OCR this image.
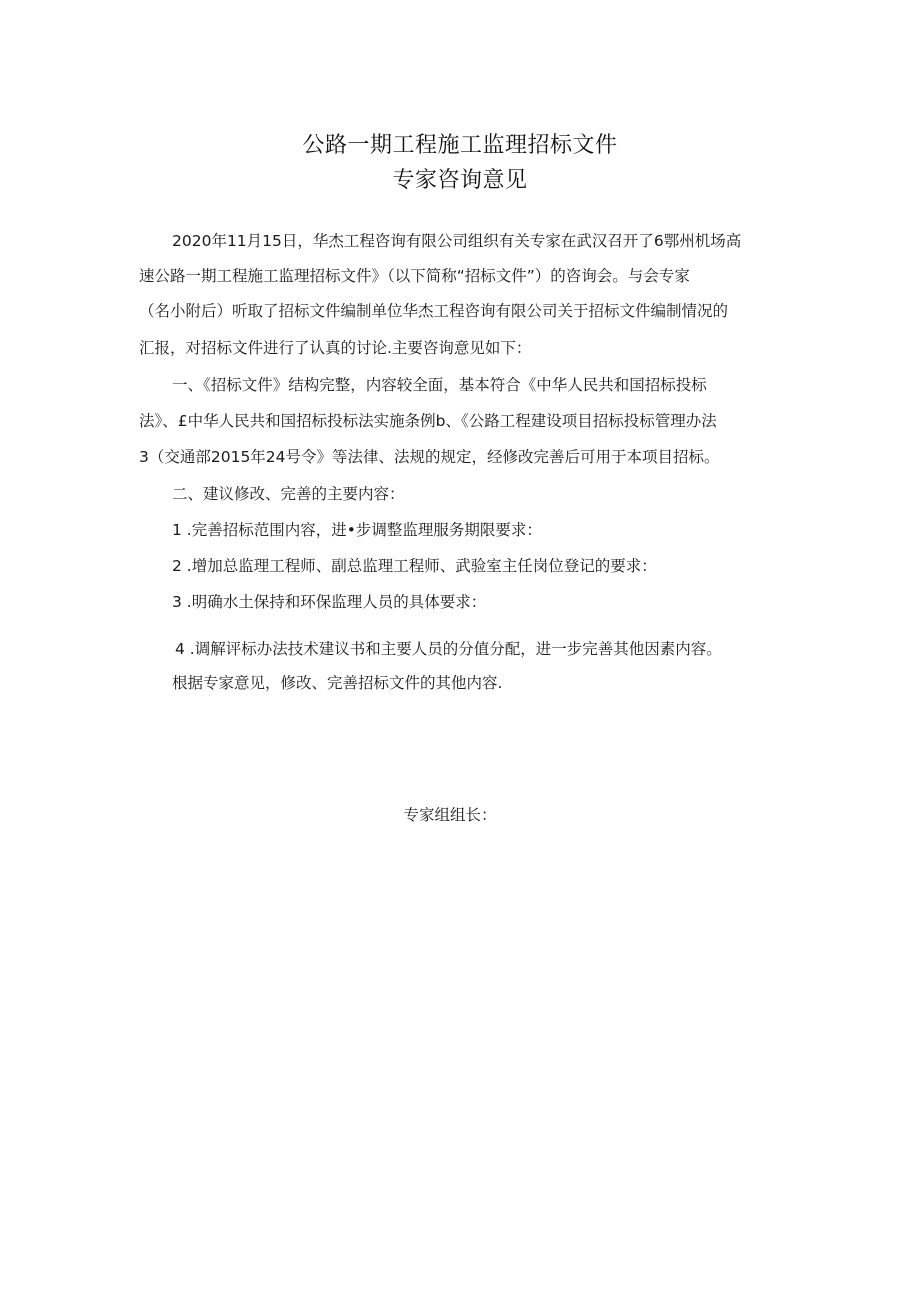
公路一期工程施工监理招标文件
专家咨询意见
2020年11月15日，华杰工程咨询有限公司组织有关专家在武汉召开了6鄂州机场高
速公路一期工程施工监理招标文件》（以下简称“招标文件”）的咨询会。与会专家
（名小附后）听取了招标文件编制单位华杰工程咨询有限公司关于招标文件编制情况的
汇报，对招标文件进行了认真的讨论.主要咨询意见如下：
一、《招标文件》结构完整，内容较全面，基本符合《中华人民共和国招标投标
法》、£中华人民共和国招标投标法实施条例b、《公路工程建设项目招标投标管理办法
3（交通部2015年24号令》等法律、法规的规定，经修改完善后可用于本项目招标。
二、建议修改、完善的主要内容：
1 .完善招标范围内容，进•步调整监理服务期限要求：
2 .增加总监理工程师、副总监理工程师、武验室主任岗位登记的要求：
3 .明确水土保持和环保监理人员的具体要求：
4 .调解评标办法技术建议书和主要人员的分值分配，进一步完善其他因素内容。
根据专家意见，修改、完善招标文件的其他内容.
专家组组长：
